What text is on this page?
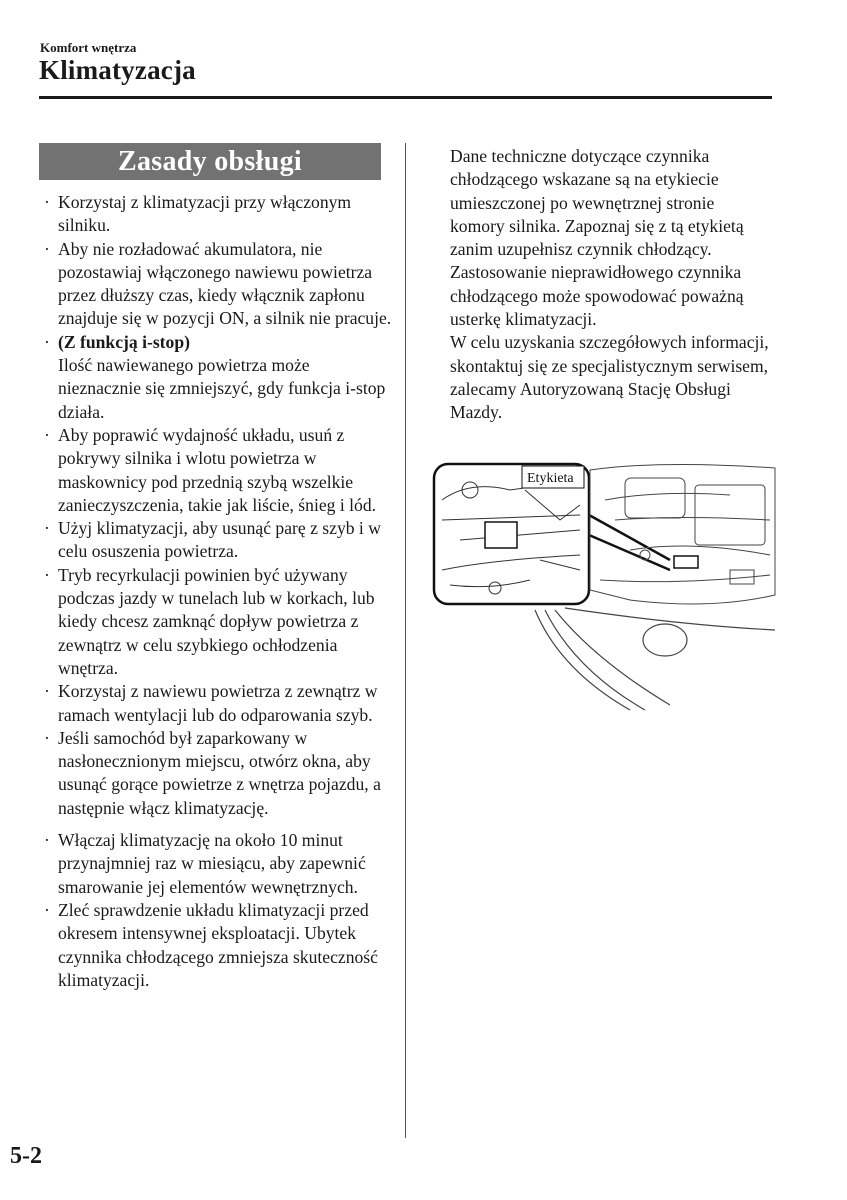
Komfort wnętrza
Klimatyzacja
Zasady obsługi
· Korzystaj z klimatyzacji przy włączonym silniku.
· Aby nie rozładować akumulatora, nie pozostawiaj włączonego nawiewu powietrza przez dłuższy czas, kiedy włącznik zapłonu znajduje się w pozycji ON, a silnik nie pracuje.
· (Z funkcją i-stop)
Ilość nawiewanego powietrza może nieznacznie się zmniejszyć, gdy funkcja i-stop działa.
· Aby poprawić wydajność układu, usuń z pokrywy silnika i wlotu powietrza w maskownicy pod przednią szybą wszelkie zanieczyszczenia, takie jak liście, śnieg i lód.
· Użyj klimatyzacji, aby usunąć parę z szyb i w celu osuszenia powietrza.
· Tryb recyrkulacji powinien być używany podczas jazdy w tunelach lub w korkach, lub kiedy chcesz zamknąć dopływ powietrza z zewnątrz w celu szybkiego ochłodzenia wnętrza.
· Korzystaj z nawiewu powietrza z zewnątrz w ramach wentylacji lub do odparowania szyb.
· Jeśli samochód był zaparkowany w nasłonecznionym miejscu, otwórz okna, aby usunąć gorące powietrze z wnętrza pojazdu, a następnie włącz klimatyzację.
· Włączaj klimatyzację na około 10 minut przynajmniej raz w miesiącu, aby zapewnić smarowanie jej elementów wewnętrznych.
· Zleć sprawdzenie układu klimatyzacji przed okresem intensywnej eksploatacji. Ubytek czynnika chłodzącego zmniejsza skuteczność klimatyzacji.

Dane techniczne dotyczące czynnika chłodzącego wskazane są na etykiecie umieszczonej po wewnętrznej stronie komory silnika. Zapoznaj się z tą etykietą zanim uzupełnisz czynnik chłodzący. Zastosowanie nieprawidłowego czynnika chłodzącego może spowodować poważną usterkę klimatyzacji.

W celu uzyskania szczegółowych informacji, skontaktuj się ze specjalistycznym serwisem, zalecamy Autoryzowaną Stację Obsługi Mazdy.

Etykieta
5-2
